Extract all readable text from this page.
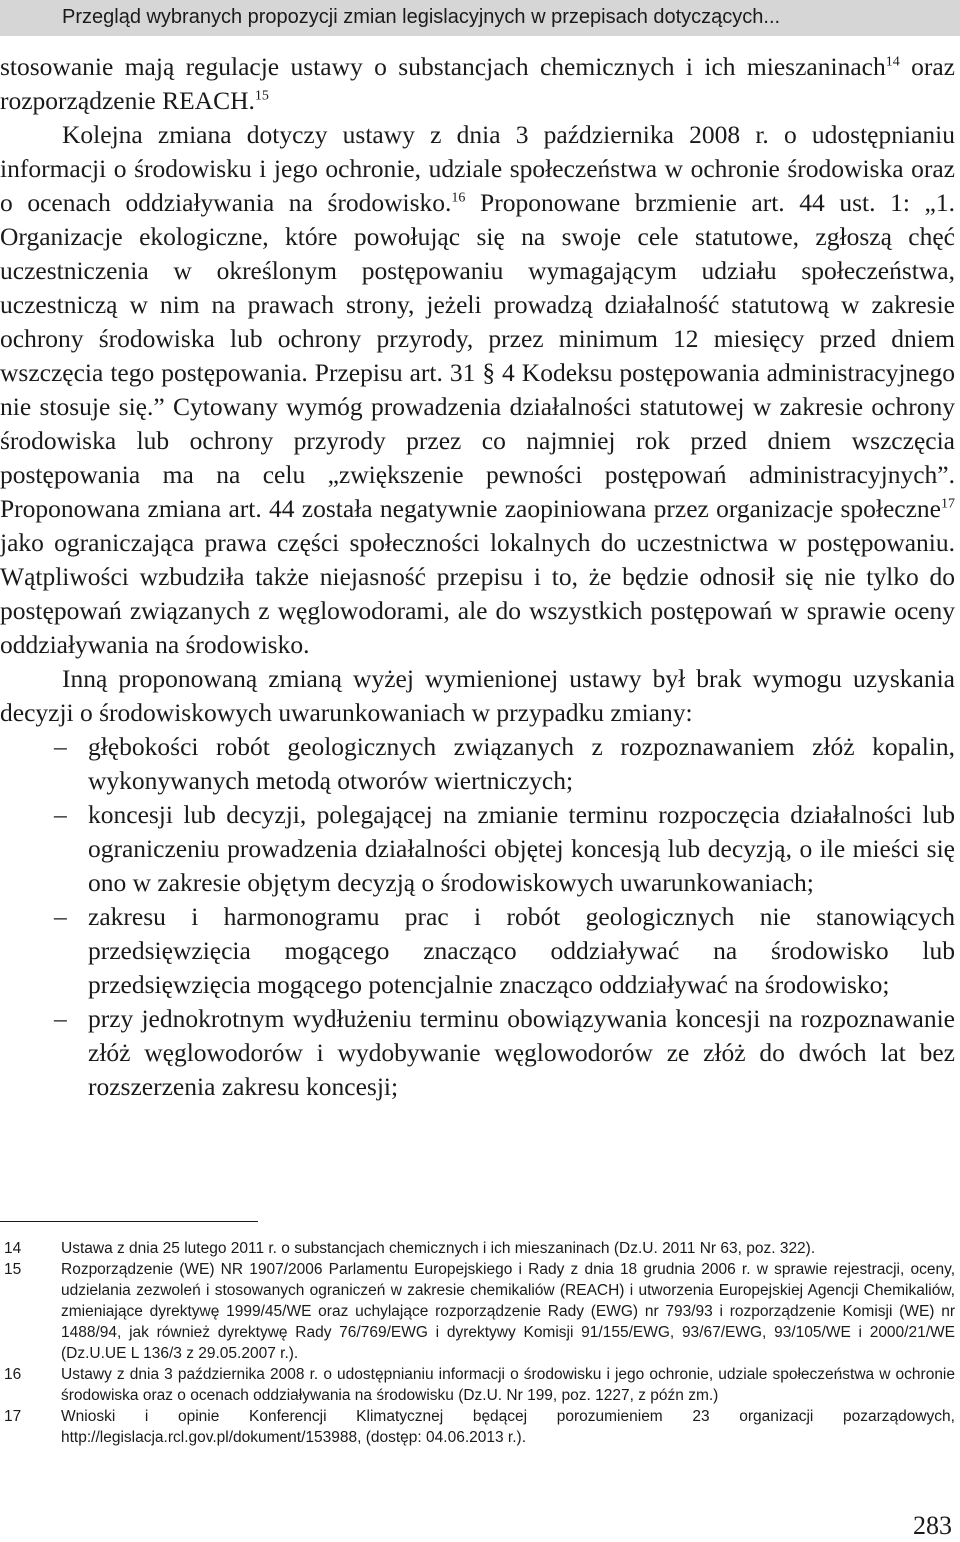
Przegląd wybranych propozycji zmian legislacyjnych w przepisach dotyczących...

stosowanie mają regulacje ustawy o substancjach chemicznych i ich mieszaninach$^{14}$ oraz rozporządzenie REACH.$^{15}$

Kolejna zmiana dotyczy ustawy z dnia 3 października 2008 r. o udostępnianiu informacji o środowisku i jego ochronie, udziale społeczeństwa w ochronie środowiska oraz o ocenach oddziaływania na środowisko.$^{16}$ Proponowane brzmienie art. 44 ust. 1: „1. Organizacje ekologiczne, które powołując się na swoje cele statutowe, zgłoszą chęć uczestniczenia w określonym postępowaniu wymagającym udziału społeczeństwa, uczestniczą w nim na prawach strony, jeżeli prowadzą działalność statutową w zakresie ochrony środowiska lub ochrony przyrody, przez minimum 12 miesięcy przed dniem wszczęcia tego postępowania. Przepisu art. 31 § 4 Kodeksu postępowania administracyjnego nie stosuje się.” Cytowany wymóg prowadzenia działalności statutowej w zakresie ochrony środowiska lub ochrony przyrody przez co najmniej rok przed dniem wszczęcia postępowania ma na celu „zwiększenie pewności postępowań administracyjnych”. Proponowana zmiana art. 44 została negatywnie zaopiniowana przez organizacje społeczne$^{17}$ jako ograniczająca prawa części społeczności lokalnych do uczestnictwa w postępowaniu. Wątpliwości wzbudziła także niejasność przepisu i to, że będzie odnosił się nie tylko do postępowań związanych z węglowodorami, ale do wszystkich postępowań w sprawie oceny oddziaływania na środowisko.

Inną proponowaną zmianą wyżej wymienionej ustawy był brak wymogu uzyskania decyzji o środowiskowych uwarunkowaniach w przypadku zmiany:

– głębokości robót geologicznych związanych z rozpoznawaniem złóż kopalin, wykonywanych metodą otworów wiertniczych;
– koncesji lub decyzji, polegającej na zmianie terminu rozpoczęcia działalności lub ograniczeniu prowadzenia działalności objętej koncesją lub decyzją, o ile mieści się ono w zakresie objętym decyzją o środowiskowych uwarunkowaniach;
– zakresu i harmonogramu prac i robót geologicznych nie stanowiących przedsięwzięcia mogącego znacząco oddziaływać na środowisko lub przedsięwzięcia mogącego potencjalnie znacząco oddziaływać na środowisko;
– przy jednokrotnym wydłużeniu terminu obowiązywania koncesji na rozpoznawanie złóż węglowodorów i wydobywanie węglowodorów ze złóż do dwóch lat bez rozszerzenia zakresu koncesji;
14	Ustawa z dnia 25 lutego 2011 r. o substancjach chemicznych i ich mieszaninach (Dz.U. 2011 Nr 63, poz. 322).
15	Rozporządzenie (WE) NR 1907/2006 Parlamentu Europejskiego i Rady z dnia 18 grudnia 2006 r. w sprawie rejestracji, oceny, udzielania zezwoleń i stosowanych ograniczeń w zakresie chemikaliów (REACH) i utworzenia Europejskiej Agencji Chemikaliów, zmieniające dyrektywę 1999/45/WE oraz uchylające rozporządzenie Rady (EWG) nr 793/93 i rozporządzenie Komisji (WE) nr 1488/94, jak również dyrektywę Rady 76/769/EWG i dyrektywy Komisji 91/155/EWG, 93/67/EWG, 93/105/WE i 2000/21/WE (Dz.U.UE L 136/3 z 29.05.2007 r.).
16	Ustawy z dnia 3 października 2008 r. o udostępnianiu informacji o środowisku i jego ochronie, udziale społeczeństwa w ochronie środowiska oraz o ocenach oddziaływania na środowisku (Dz.U. Nr 199, poz. 1227, z późn zm.)
17	Wnioski i opinie Konferencji Klimatycznej będącej porozumieniem 23 organizacji pozarządowych, http://legislacja.rcl.gov.pl/dokument/153988, (dostęp: 04.06.2013 r.).
283
